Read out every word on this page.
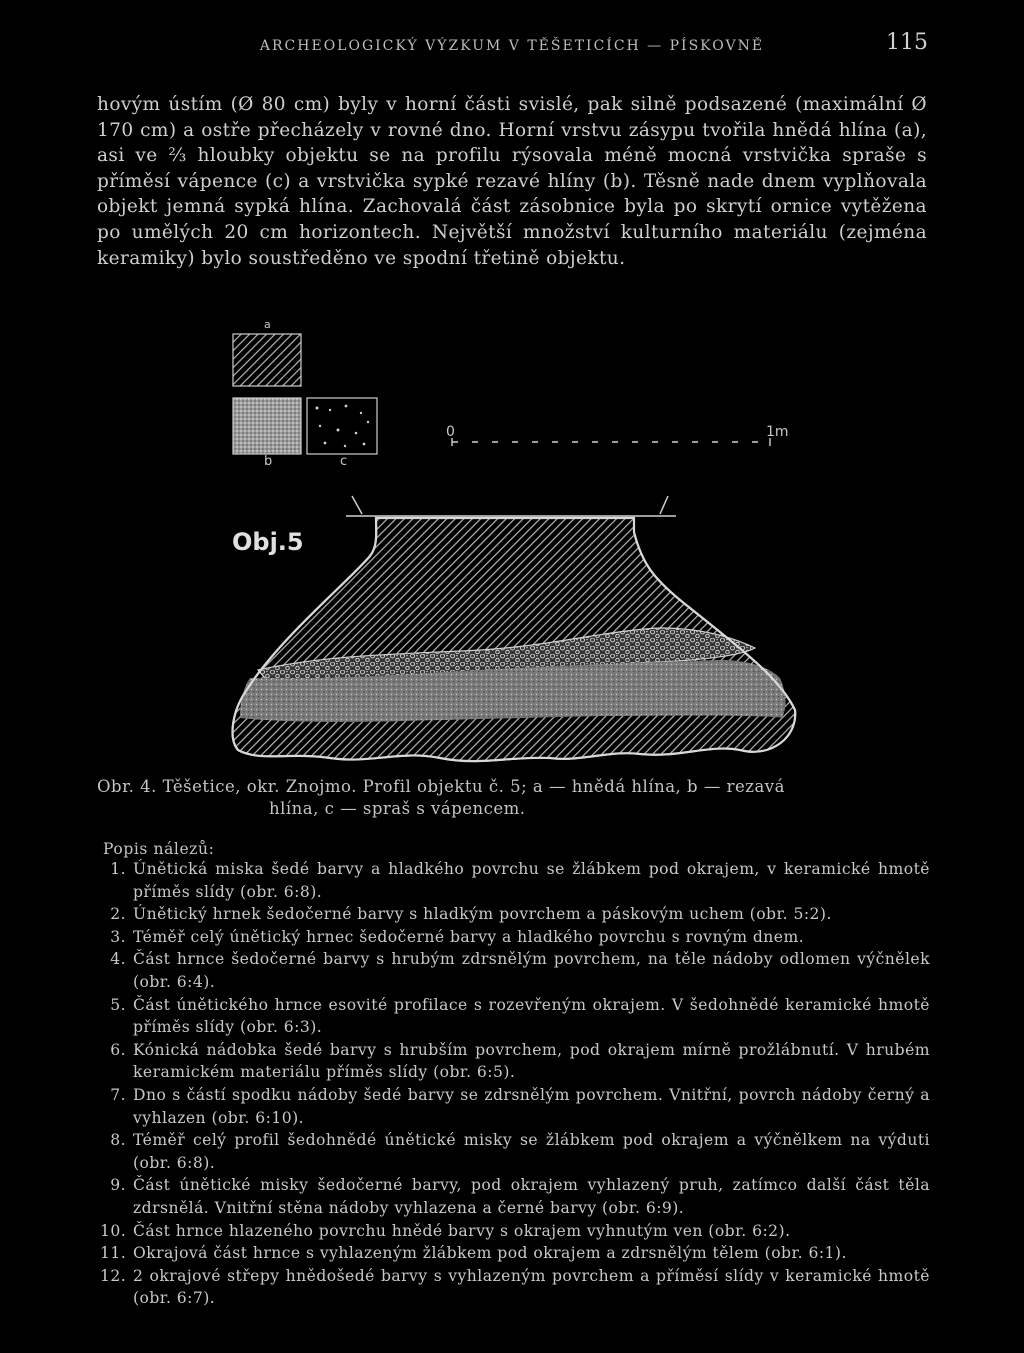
ARCHEOLOGICKÝ VÝZKUM V TĚŠETICÍCH — PÍSKOVNĚ	115
hovým ústím (Ø 80 cm) byly v horní části svislé, pak silně podsazené (maximální Ø 170 cm) a ostře přecházely v rovné dno. Horní vrstvu zásypu tvořila hnědá hlína (a), asi ve ⅔ hloubky objektu se na profilu rýsovala méně mocná vrstvička spraše s příměsí vápence (c) a vrstvička sypké rezavé hlíny (b). Těsně nade dnem vyplňovala objekt jemná sypká hlína. Zachovalá část zásobnice byla po skrytí ornice vytěžena po umělých 20 cm horizontech. Největší množství kulturního materiálu (zejména keramiky) bylo soustředěno ve spodní třetině objektu.
a
b	c
0	1m
Obj.5
Obr. 4. Těšetice, okr. Znojmo. Profil objektu č. 5; a — hnědá hlína, b — rezavá
hlína, c — spraš s vápencem.
Popis nálezů:
1. Únětická miska šedé barvy a hladkého povrchu se žlábkem pod okrajem, v keramické hmotě příměs slídy (obr. 6:8).
2. Únětický hrnek šedočerné barvy s hladkým povrchem a páskovým uchem (obr. 5:2).
3. Téměř celý únětický hrnec šedočerné barvy a hladkého povrchu s rovným dnem.
4. Část hrnce šedočerné barvy s hrubým zdrsnělým povrchem, na těle nádoby odlomen výčnělek (obr. 6:4).
5. Část únětického hrnce esovité profilace s rozevřeným okrajem. V šedohnědé keramické hmotě příměs slídy (obr. 6:3).
6. Kónická nádobka šedé barvy s hrubším povrchem, pod okrajem mírně prožlábnutí. V hrubém keramickém materiálu příměs slídy (obr. 6:5).
7. Dno s částí spodku nádoby šedé barvy se zdrsnělým povrchem. Vnitřní, povrch nádoby černý a vyhlazen (obr. 6:10).
8. Téměř celý profil šedohnědé únětické misky se žlábkem pod okrajem a výčnělkem na výduti (obr. 6:8).
9. Část únětické misky šedočerné barvy, pod okrajem vyhlazený pruh, zatímco další část těla zdrsnělá. Vnitřní stěna nádoby vyhlazena a černé barvy (obr. 6:9).
10. Část hrnce hlazeného povrchu hnědé barvy s okrajem vyhnutým ven (obr. 6:2).
11. Okrajová část hrnce s vyhlazeným žlábkem pod okrajem a zdrsnělým tělem (obr. 6:1).
12. 2 okrajové střepy hnědošedé barvy s vyhlazeným povrchem a příměsí slídy v keramické hmotě (obr. 6:7).
